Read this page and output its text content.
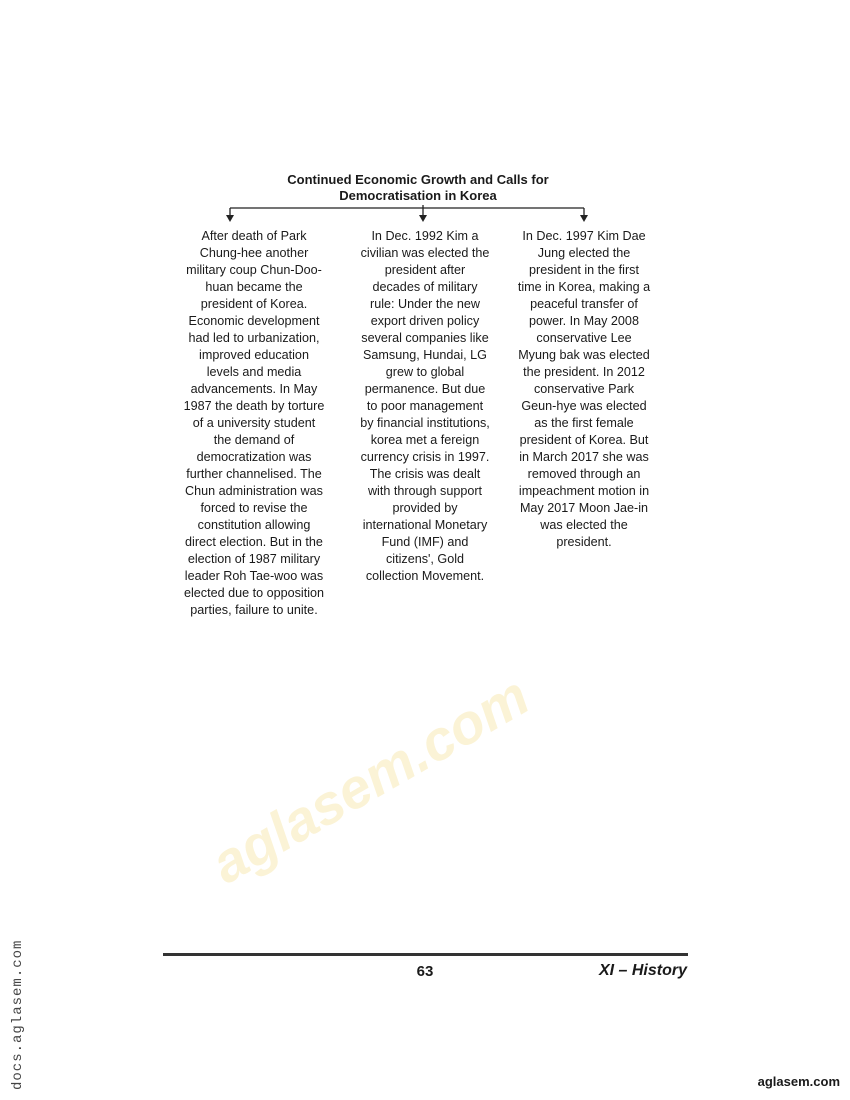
aglasem.com
Continued Economic Growth and Calls for
Democratisation in Korea
After death of Park
Chung-hee another
military coup Chun-Doo-
huan became the
president of Korea.
Economic development
had led to urbanization,
improved education
levels and media
advancements. In May
1987 the death by torture
of a university student
the demand of
democratization was
further channelised. The
Chun administration was
forced to revise the
constitution allowing
direct election. But in the
election of 1987 military
leader Roh Tae-woo was
elected due to opposition
parties, failure to unite.
In Dec. 1992 Kim a
civilian was elected the
president after
decades of military
rule: Under the new
export driven policy
several companies like
Samsung, Hundai, LG
grew to global
permanence. But due
to poor management
by financial institutions,
korea met a fereign
currency crisis in 1997.
The crisis was dealt
with through support
provided by
international Monetary
Fund (IMF) and
citizens', Gold
collection Movement.
In Dec. 1997 Kim Dae
Jung elected the
president in the first
time in Korea, making a
peaceful transfer of
power. In May 2008
conservative Lee
Myung bak was elected
the president. In 2012
conservative Park
Geun-hye was elected
as the first female
president of Korea. But
in March 2017 she was
removed through an
impeachment motion in
May 2017 Moon Jae-in
was elected the
president.
63	XI – History
docs.aglasem.com	aglasem.com
